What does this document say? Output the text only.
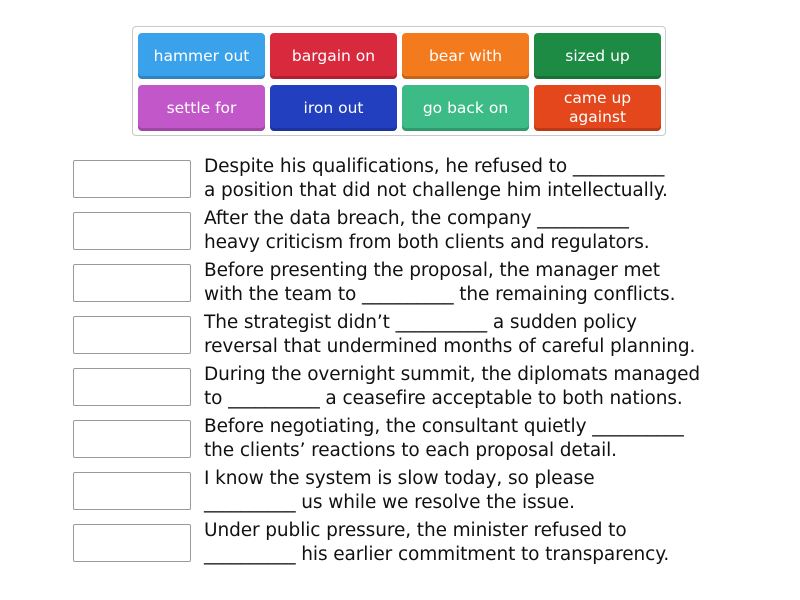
hammer out	bargain on	bear with	sized up
settle for	iron out	go back on
came up against
Despite his qualifications, he refused to __________
a position that did not challenge him intellectually.
After the data breach, the company __________
heavy criticism from both clients and regulators.
Before presenting the proposal, the manager met
with the team to __________ the remaining conflicts.
The strategist didn’t __________ a sudden policy
reversal that undermined months of careful planning.
During the overnight summit, the diplomats managed
to __________ a ceasefire acceptable to both nations.
Before negotiating, the consultant quietly __________
the clients’ reactions to each proposal detail.
I know the system is slow today, so please
__________ us while we resolve the issue.
Under public pressure, the minister refused to
__________ his earlier commitment to transparency.
